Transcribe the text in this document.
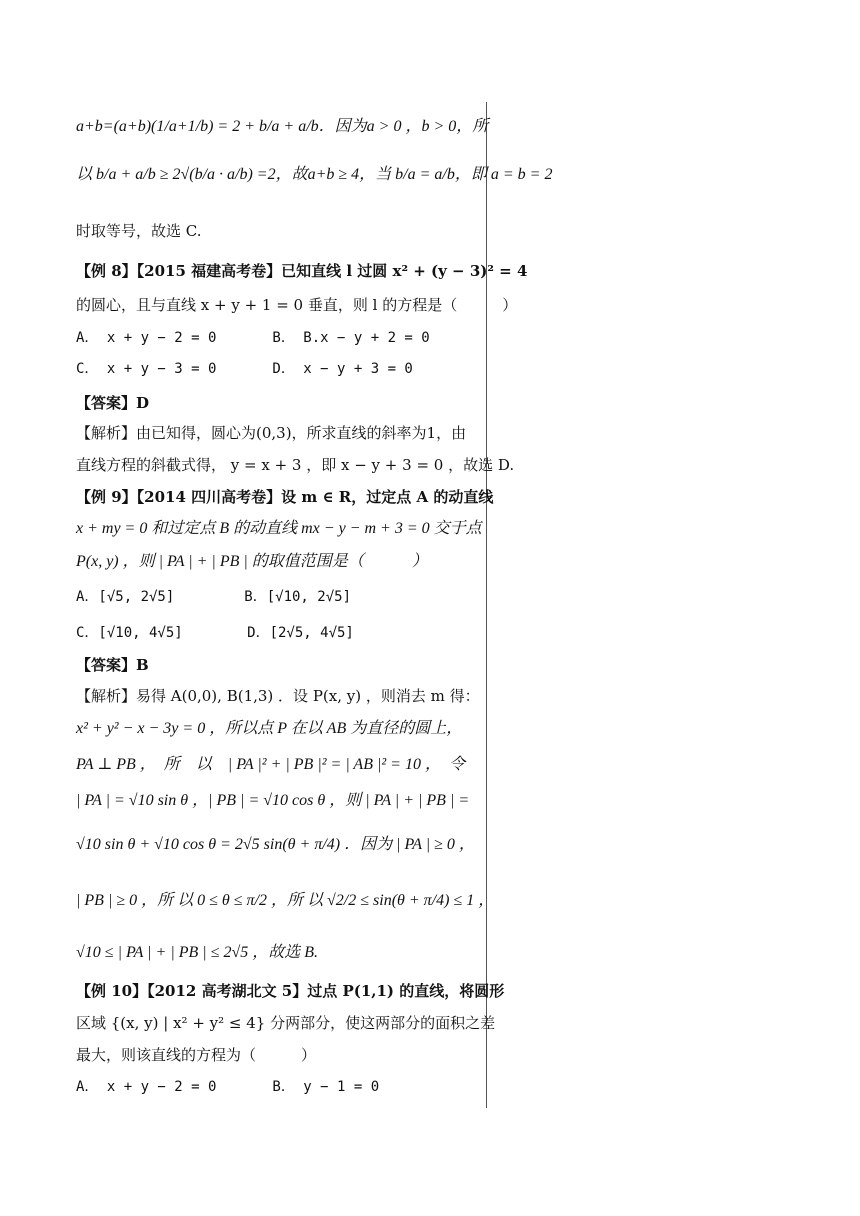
a+b=(a+b)(1/a+1/b) = 2 + b/a + a/b．因为a > 0 ，b > 0，所
以 b/a + a/b ≥ 2√(b/a · a/b) =2，故a+b ≥ 4，当 b/a = a/b，即 a = b = 2
时取等号，故选 C.
【例 8】【2015 福建高考卷】已知直线 l 过圆 x² + (y − 3)² = 4
的圆心，且与直线 x + y + 1 = 0 垂直，则 l 的方程是（　　　）
A． x + y − 2 = 0　　　　B． B.x − y + 2 = 0
C． x + y − 3 = 0　　　　D． x − y + 3 = 0
【答案】D
【解析】由已知得，圆心为(0,3)，所求直线的斜率为1，由
直线方程的斜截式得， y = x + 3 ，即 x − y + 3 = 0 ，故选 D.
【例 9】【2014 四川高考卷】设 m ∈ R，过定点 A 的动直线
x + my = 0 和过定点 B 的动直线 mx − y − m + 3 = 0 交于点
P(x, y) ，则 | PA | + | PB | 的取值范围是（　　　）
A．[√5, 2√5]　　　　　B．[√10, 2√5]
C．[√10, 4√5]　　　　 D．[2√5, 4√5]
【答案】B
【解析】易得 A(0,0), B(1,3) ．设 P(x, y) ，则消去 m 得：
x² + y² − x − 3y = 0 ，所以点 P 在以 AB 为直径的圆上，
PA ⊥ PB ，　所　以　| PA |² + | PB |² = | AB |² = 10 ，　令
| PA | = √10 sin θ ，| PB | = √10 cos θ ，则 | PA | + | PB | =
√10 sin θ + √10 cos θ = 2√5 sin(θ + π/4) ．因为 | PA | ≥ 0 ，
| PB | ≥ 0 ，所 以 0 ≤ θ ≤ π/2 ，所 以 √2/2 ≤ sin(θ + π/4) ≤ 1 ，
√10 ≤ | PA | + | PB | ≤ 2√5 ，故选 B.
【例 10】【2012 高考湖北文 5】过点 P(1,1) 的直线，将圆形
区域 {(x, y) | x² + y² ≤ 4} 分两部分，使这两部分的面积之差
最大，则该直线的方程为（　　　）
A． x + y − 2 = 0　　　　B． y − 1 = 0
